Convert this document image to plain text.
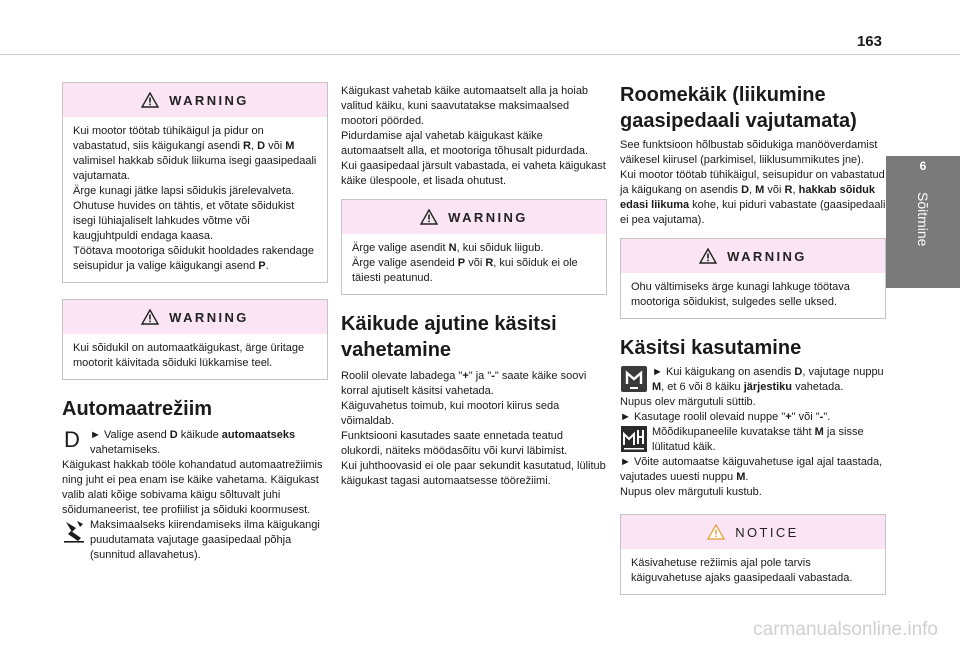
163
6
Sõitmine
WARNING
Kui mootor töötab tühikäigul ja pidur on vabastatud, siis käigukangi asendi R, D või M valimisel hakkab sõiduk liikuma isegi gaasipedaali vajutamata.
Ärge kunagi jätke lapsi sõidukis järelevalveta.
Ohutuse huvides on tähtis, et võtate sõidukist isegi lühiajaliselt lahkudes võtme või kaugjuhtpuldi endaga kaasa.
Töötava mootoriga sõidukit hooldades rakendage seisupidur ja valige käigukangi asend P.
WARNING
Kui sõidukil on automaatkäigukast, ärge üritage mootorit käivitada sõiduki lükkamise teel.
Automaatrežiim
D ► Valige asend D käikude automaatseks vahetamiseks.

Käigukast hakkab tööle kohandatud automaatrežiimis ning juht ei pea enam ise käike vahetama. Käigukast valib alati kõige sobivama käigu sõltuvalt juhi sõidumaneerist, tee profiilist ja sõiduki koormusest.

Maksimaalseks kiirendamiseks ilma käigukangi puudutamata vajutage gaasipedaal põhja (sunnitud allavahetus).

Käigukast vahetab käike automaatselt alla ja hoiab valitud käiku, kuni saavutatakse maksimaalsed mootori pöörded.
Pidurdamise ajal vahetab käigukast käike automaatselt alla, et mootoriga tõhusalt pidurdada.
Kui gaasipedaal järsult vabastada, ei vaheta käigukast käike ülespoole, et lisada ohutust.

WARNING
Ärge valige asendit N, kui sõiduk liigub.
Ärge valige asendeid P või R, kui sõiduk ei ole täiesti peatunud.
Käikude ajutine käsitsi vahetamine

Roolil olevate labadega "+" ja "-" saate käike soovi korral ajutiselt käsitsi vahetada.
Käiguvahetus toimub, kui mootori kiirus seda võimaldab.
Funktsiooni kasutades saate ennetada teatud olukordi, näiteks möödasõitu või kurvi läbimist.
Kui juhthoovasid ei ole paar sekundit kasutatud, lülitub käigukast tagasi automaatsesse töörežiimi.

Roomekäik (liikumine gaasipedaali vajutamata)

See funktsioon hõlbustab sõidukiga manööverdamist väikesel kiirusel (parkimisel, liiklusummikutes jne).
Kui mootor töötab tühikäigul, seisupidur on vabastatud ja käigukang on asendis D, M või R, hakkab sõiduk edasi liikuma kohe, kui piduri vabastate (gaasipedaali ei pea vajutama).

WARNING
Ohu vältimiseks ärge kunagi lahkuge töötava mootoriga sõidukist, sulgedes selle uksed.
Käsitsi kasutamine

► Kui käigukang on asendis D, vajutage nuppu M, et 6 või 8 käiku järjestiku vahetada.

Nupus olev märgutuli süttib.
► Kasutage roolil olevaid nuppe "+" või "-".

Mõõdikupaneelile kuvatakse täht M ja sisse lülitatud käik.

► Võite automaatse käiguvahetuse igal ajal taastada, vajutades uuesti nuppu M.
Nupus olev märgutuli kustub.

NOTICE
Käsivahetuse režiimis ajal pole tarvis käiguvahetuse ajaks gaasipedaali vabastada.
carmanualsonline.info
